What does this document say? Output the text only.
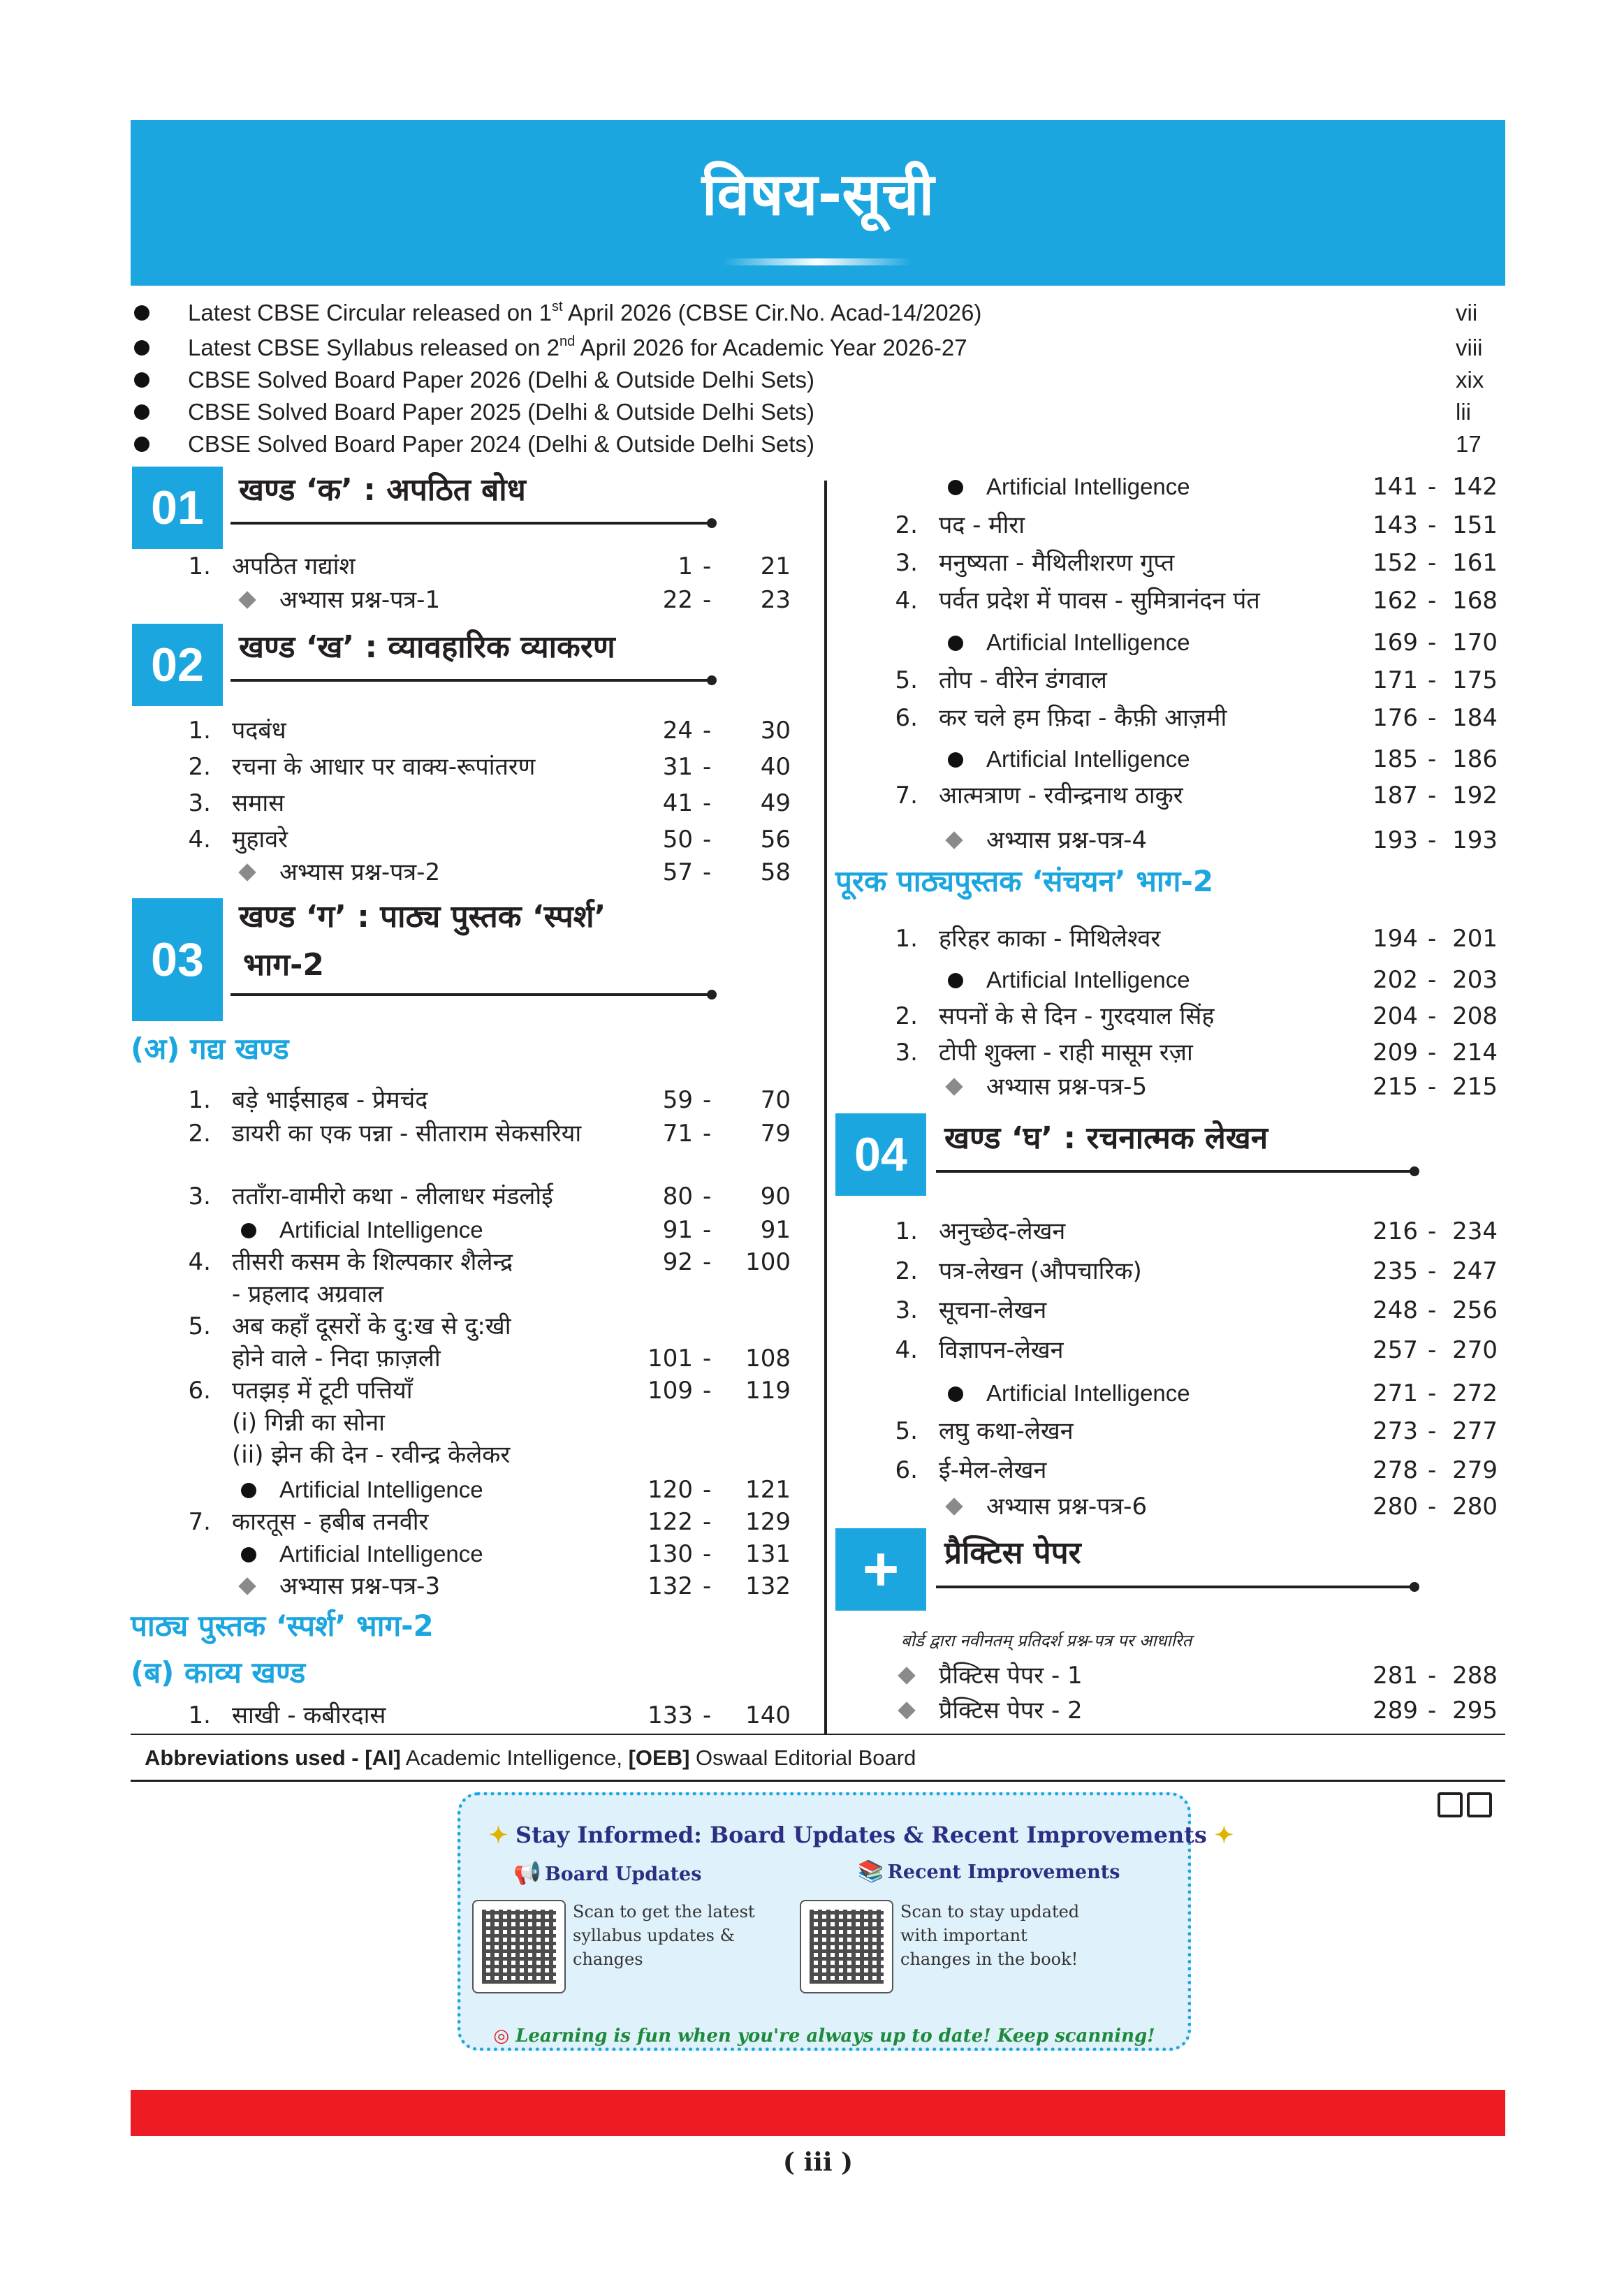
विषय-सूची
Latest CBSE Circular released on 1st April 2026 (CBSE Cir.No. Acad-14/2026)	vii
Latest CBSE Syllabus released on 2nd April 2026 for Academic Year 2026-27	viii
CBSE Solved Board Paper 2026 (Delhi & Outside Delhi Sets)	xix
CBSE Solved Board Paper 2025 (Delhi & Outside Delhi Sets)	lii
CBSE Solved Board Paper 2024 (Delhi & Outside Delhi Sets)	17
01	खण्ड ‘क’ : अपठित बोध
1. अपठित गद्यांश	1 -	21
अभ्यास प्रश्न-पत्र-1	22 -	23
02	खण्ड ‘ख’ : व्यावहारिक व्याकरण
1. पदबंध	24 -	30
2. रचना के आधार पर वाक्य-रूपांतरण	31 -	40
3. समास	41 -	49
4. मुहावरे	50 -	56
अभ्यास प्रश्न-पत्र-2	57 -	58
03
खण्ड ‘ग’ : पाठ्य पुस्तक ‘स्पर्श’
भाग-2
(अ) गद्य खण्ड
1. बड़े भाईसाहब - प्रेमचंद	59 -	70
2. डायरी का एक पन्ना - सीताराम सेकसरिया	71 -	79
3. तताँरा-वामीरो कथा - लीलाधर मंडलोई	80 -	90
Artificial Intelligence	91 -	91
4. तीसरी कसम के शिल्पकार शैलेन्द्र	92 -	100
- प्रहलाद अग्रवाल
5. अब कहाँ दूसरों के दु:ख से दु:खी
होने वाले - निदा फ़ाज़ली	101 -	108
6. पतझड़ में टूटी पत्तियाँ	109 -	119
(i) गिन्नी का सोना
(ii) झेन की देन - रवीन्द्र केलेकर
Artificial Intelligence	120 -	121
7. कारतूस - हबीब तनवीर	122 -	129
Artificial Intelligence	130 -	131
अभ्यास प्रश्न-पत्र-3	132 -	132
पाठ्य पुस्तक ‘स्पर्श’ भाग-2
(ब) काव्य खण्ड
1. साखी - कबीरदास	133 -	140
Artificial Intelligence	141 - 142
2. पद - मीरा	143 - 151
3. मनुष्यता - मैथिलीशरण गुप्त	152 - 161
4. पर्वत प्रदेश में पावस - सुमित्रानंदन पंत	162 - 168
Artificial Intelligence	169 - 170
5. तोप - वीरेन डंगवाल	171 - 175
6. कर चले हम फ़िदा - कैफ़ी आज़मी	176 - 184
Artificial Intelligence	185 - 186
7. आत्मत्राण - रवीन्द्रनाथ ठाकुर	187 - 192
अभ्यास प्रश्न-पत्र-4	193 - 193
पूरक पाठ्यपुस्तक ‘संचयन’ भाग-2
1. हरिहर काका - मिथिलेश्वर	194 - 201
Artificial Intelligence	202 - 203
2. सपनों के से दिन - गुरदयाल सिंह	204 - 208
3. टोपी शुक्ला - राही मासूम रज़ा	209 - 214
अभ्यास प्रश्न-पत्र-5	215 - 215
04	खण्ड ‘घ’ : रचनात्मक लेखन
1. अनुच्छेद-लेखन	216 - 234
2. पत्र-लेखन (औपचारिक)	235 - 247
3. सूचना-लेखन	248 - 256
4. विज्ञापन-लेखन	257 - 270
Artificial Intelligence	271 - 272
5. लघु कथा-लेखन	273 - 277
6. ई-मेल-लेखन	278 - 279
अभ्यास प्रश्न-पत्र-6	280 - 280
+	प्रैक्टिस पेपर
बोर्ड द्वारा नवीनतम् प्रतिदर्श प्रश्न-पत्र पर आधारित
प्रैक्टिस पेपर - 1	281 - 288
प्रैक्टिस पेपर - 2	289 - 295
Abbreviations used - [AI] Academic Intelligence, [OEB] Oswaal Editorial Board
✦ Stay Informed: Board Updates & Recent Improvements ✦
📢 Board Updates	📚 Recent Improvements
Scan to get the latest syllabus updates & changes
Scan to stay updated with important changes in the book!
◎ Learning is fun when you're always up to date! Keep scanning!
( iii )
